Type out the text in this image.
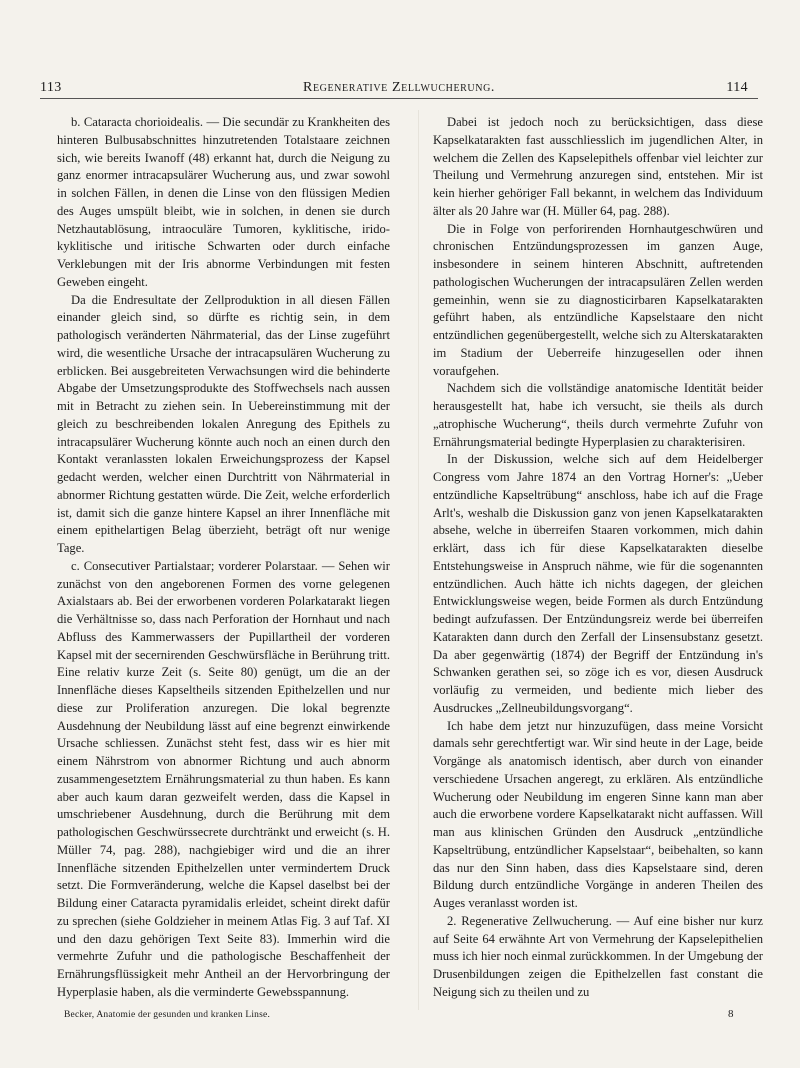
113	Regenerative Zellwucherung.	114

b. Cataracta chorioidealis. — Die secundär zu Krankheiten des hinteren Bulbusabschnittes hinzutretenden Totalstaare zeichnen sich, wie bereits Iwanoff (48) erkannt hat, durch die Neigung zu ganz enormer intracapsulärer Wucherung aus, und zwar sowohl in solchen Fällen, in denen die Linse von den flüssigen Medien des Auges umspült bleibt, wie in solchen, in denen sie durch Netzhautablösung, intraoculäre Tumoren, kyklitische, irido-kyklitische und iritische Schwarten oder durch einfache Verklebungen mit der Iris abnorme Verbindungen mit festen Geweben eingeht.

Da die Endresultate der Zellproduktion in all diesen Fällen einander gleich sind, so dürfte es richtig sein, in dem pathologisch veränderten Nährmaterial, das der Linse zugeführt wird, die wesentliche Ursache der intracapsulären Wucherung zu erblicken. Bei ausgebreiteten Verwachsungen wird die behinderte Abgabe der Umsetzungsprodukte des Stoffwechsels nach aussen mit in Betracht zu ziehen sein. In Uebereinstimmung mit der gleich zu beschreibenden lokalen Anregung des Epithels zu intracapsulärer Wucherung könnte auch noch an einen durch den Kontakt veranlassten lokalen Erweichungsprozess der Kapsel gedacht werden, welcher einen Durchtritt von Nährmaterial in abnormer Richtung gestatten würde. Die Zeit, welche erforderlich ist, damit sich die ganze hintere Kapsel an ihrer Innenfläche mit einem epithelartigen Belag überzieht, beträgt oft nur wenige Tage.

c. Consecutiver Partialstaar; vorderer Polarstaar. — Sehen wir zunächst von den angeborenen Formen des vorne gelegenen Axialstaars ab. Bei der erworbenen vorderen Polarkatarakt liegen die Verhältnisse so, dass nach Perforation der Hornhaut und nach Abfluss des Kammerwassers der Pupillartheil der vorderen Kapsel mit der secernirenden Geschwürsfläche in Berührung tritt. Eine relativ kurze Zeit (s. Seite 80) genügt, um die an der Innenfläche dieses Kapseltheils sitzenden Epithelzellen und nur diese zur Proliferation anzuregen. Die lokal begrenzte Ausdehnung der Neubildung lässt auf eine begrenzt einwirkende Ursache schliessen. Zunächst steht fest, dass wir es hier mit einem Nährstrom von abnormer Richtung und auch abnorm zusammengesetztem Ernährungsmaterial zu thun haben. Es kann aber auch kaum daran gezweifelt werden, dass die Kapsel in umschriebener Ausdehnung, durch die Berührung mit dem pathologischen Geschwürssecrete durchtränkt und erweicht (s. H. Müller 74, pag. 288), nachgiebiger wird und die an ihrer Innenfläche sitzenden Epithelzellen unter vermindertem Druck setzt. Die Formveränderung, welche die Kapsel daselbst bei der Bildung einer Cataracta pyramidalis erleidet, scheint direkt dafür zu sprechen (siehe Goldzieher in meinem Atlas Fig. 3 auf Taf. XI und den dazu gehörigen Text Seite 83). Immerhin wird die vermehrte Zufuhr und die pathologische Beschaffenheit der Ernährungsflüssigkeit mehr Antheil an der Hervorbringung der Hyperplasie haben, als die verminderte Gewebsspannung.

Dabei ist jedoch noch zu berücksichtigen, dass diese Kapselkatarakten fast ausschliesslich im jugendlichen Alter, in welchem die Zellen des Kapselepithels offenbar viel leichter zur Theilung und Vermehrung anzuregen sind, entstehen. Mir ist kein hierher gehöriger Fall bekannt, in welchem das Individuum älter als 20 Jahre war (H. Müller 64, pag. 288).

Die in Folge von perforirenden Hornhautgeschwüren und chronischen Entzündungsprozessen im ganzen Auge, insbesondere in seinem hinteren Abschnitt, auftretenden pathologischen Wucherungen der intracapsulären Zellen werden gemeinhin, wenn sie zu diagnosticirbaren Kapselkatarakten geführt haben, als entzündliche Kapselstaare den nicht entzündlichen gegenübergestellt, welche sich zu Alterskatarakten im Stadium der Ueberreife hinzugesellen oder ihnen voraufgehen.

Nachdem sich die vollständige anatomische Identität beider herausgestellt hat, habe ich versucht, sie theils als durch „atrophische Wucherung“, theils durch vermehrte Zufuhr von Ernährungsmaterial bedingte Hyperplasien zu charakterisiren.

In der Diskussion, welche sich auf dem Heidelberger Congress vom Jahre 1874 an den Vortrag Horner's: „Ueber entzündliche Kapseltrübung“ anschloss, habe ich auf die Frage Arlt's, weshalb die Diskussion ganz von jenen Kapselkatarakten absehe, welche in überreifen Staaren vorkommen, mich dahin erklärt, dass ich für diese Kapselkatarakten dieselbe Entstehungsweise in Anspruch nähme, wie für die sogenannten entzündlichen. Auch hätte ich nichts dagegen, der gleichen Entwicklungsweise wegen, beide Formen als durch Entzündung bedingt aufzufassen. Der Entzündungsreiz werde bei überreifen Katarakten dann durch den Zerfall der Linsensubstanz gesetzt. Da aber gegenwärtig (1874) der Begriff der Entzündung in's Schwanken gerathen sei, so zöge ich es vor, diesen Ausdruck vorläufig zu vermeiden, und bediente mich lieber des Ausdruckes „Zellneubildungsvorgang“.

Ich habe dem jetzt nur hinzuzufügen, dass meine Vorsicht damals sehr gerechtfertigt war. Wir sind heute in der Lage, beide Vorgänge als anatomisch identisch, aber durch von einander verschiedene Ursachen angeregt, zu erklären. Als entzündliche Wucherung oder Neubildung im engeren Sinne kann man aber auch die erworbene vordere Kapselkatarakt nicht auffassen. Will man aus klinischen Gründen den Ausdruck „entzündliche Kapseltrübung, entzündlicher Kapselstaar“, beibehalten, so kann das nur den Sinn haben, dass dies Kapselstaare sind, deren Bildung durch entzündliche Vorgänge in anderen Theilen des Auges veranlasst worden ist.

2. Regenerative Zellwucherung. — Auf eine bisher nur kurz auf Seite 64 erwähnte Art von Vermehrung der Kapselepithelien muss ich hier noch einmal zurückkommen. In der Umgebung der Drusenbildungen zeigen die Epithelzellen fast constant die Neigung sich zu theilen und zu

Becker, Anatomie der gesunden und kranken Linse.	8
